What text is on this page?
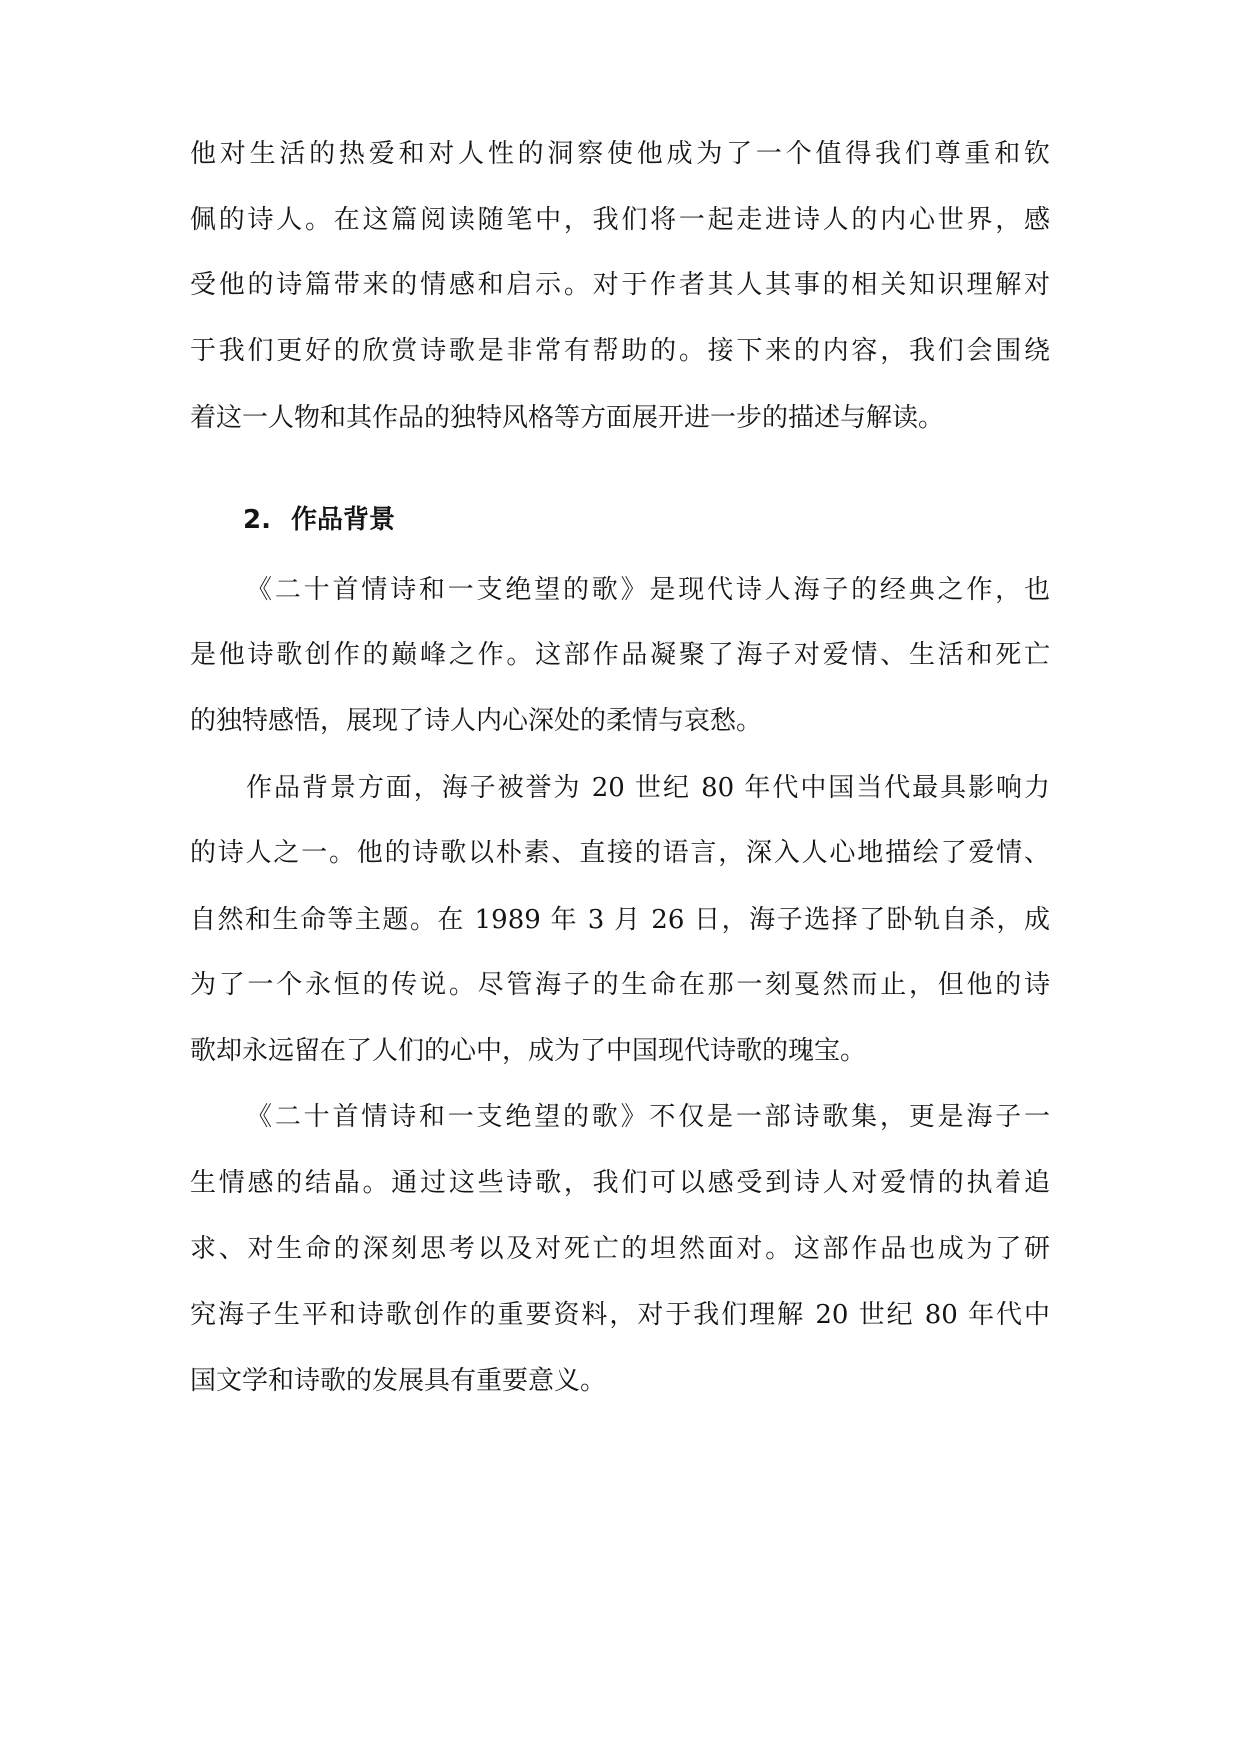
他对生活的热爱和对人性的洞察使他成为了一个值得我们尊重和钦
佩的诗人。在这篇阅读随笔中，我们将一起走进诗人的内心世界，感
受他的诗篇带来的情感和启示。对于作者其人其事的相关知识理解对
于我们更好的欣赏诗歌是非常有帮助的。接下来的内容，我们会围绕
着这一人物和其作品的独特风格等方面展开进一步的描述与解读。
2. 作品背景
《二十首情诗和一支绝望的歌》是现代诗人海子的经典之作，也
是他诗歌创作的巅峰之作。这部作品凝聚了海子对爱情、生活和死亡
的独特感悟，展现了诗人内心深处的柔情与哀愁。
作品背景方面，海子被誉为 20 世纪 80 年代中国当代最具影响力
的诗人之一。他的诗歌以朴素、直接的语言，深入人心地描绘了爱情、
自然和生命等主题。在 1989 年 3 月 26 日，海子选择了卧轨自杀，成
为了一个永恒的传说。尽管海子的生命在那一刻戛然而止，但他的诗
歌却永远留在了人们的心中，成为了中国现代诗歌的瑰宝。
《二十首情诗和一支绝望的歌》不仅是一部诗歌集，更是海子一
生情感的结晶。通过这些诗歌，我们可以感受到诗人对爱情的执着追
求、对生命的深刻思考以及对死亡的坦然面对。这部作品也成为了研
究海子生平和诗歌创作的重要资料，对于我们理解 20 世纪 80 年代中
国文学和诗歌的发展具有重要意义。
